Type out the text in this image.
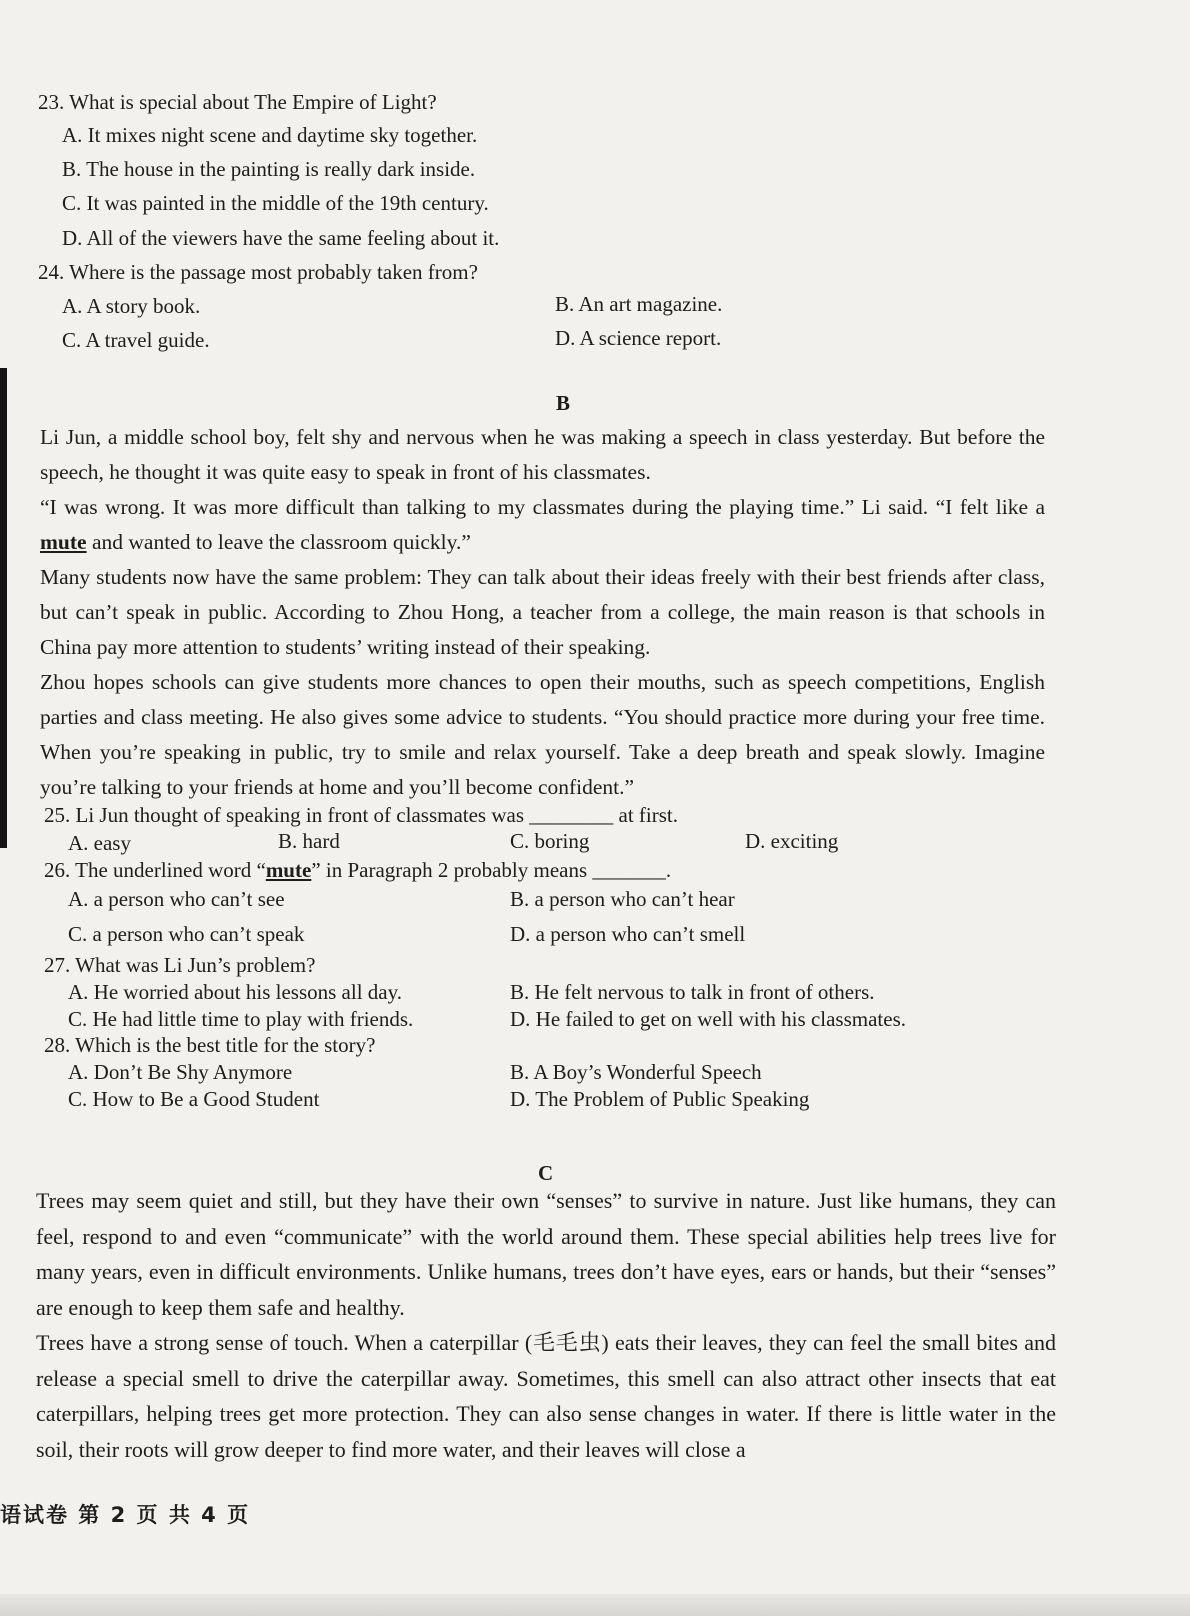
23. What is special about The Empire of Light?
A. It mixes night scene and daytime sky together.
B. The house in the painting is really dark inside.
C. It was painted in the middle of the 19th century.
D. All of the viewers have the same feeling about it.
24. Where is the passage most probably taken from?
A. A story book.	B. An art magazine.
C. A travel guide.	D. A science report.
B

Li Jun, a middle school boy, felt shy and nervous when he was making a speech in class yesterday. But before the speech, he thought it was quite easy to speak in front of his classmates.

“I was wrong. It was more difficult than talking to my classmates during the playing time.” Li said. “I felt like a mute and wanted to leave the classroom quickly.”

Many students now have the same problem: They can talk about their ideas freely with their best friends after class, but can’t speak in public. According to Zhou Hong, a teacher from a college, the main reason is that schools in China pay more attention to students’ writing instead of their speaking.

Zhou hopes schools can give students more chances to open their mouths, such as speech competitions, English parties and class meeting. He also gives some advice to students. “You should practice more during your free time. When you’re speaking in public, try to smile and relax yourself. Take a deep breath and speak slowly. Imagine you’re talking to your friends at home and you’ll become confident.”

25. Li Jun thought of speaking in front of classmates was ________ at first.
A. easy	B. hard	C. boring	D. exciting
26. The underlined word “mute” in Paragraph 2 probably means _______.
A. a person who can’t see	B. a person who can’t hear
C. a person who can’t speak	D. a person who can’t smell
27. What was Li Jun’s problem?
A. He worried about his lessons all day.	B. He felt nervous to talk in front of others.
C. He had little time to play with friends.	D. He failed to get on well with his classmates.
28. Which is the best title for the story?
A. Don’t Be Shy Anymore	B. A Boy’s Wonderful Speech
C. How to Be a Good Student	D. The Problem of Public Speaking
C

Trees may seem quiet and still, but they have their own “senses” to survive in nature. Just like humans, they can feel, respond to and even “communicate” with the world around them. These special abilities help trees live for many years, even in difficult environments. Unlike humans, trees don’t have eyes, ears or hands, but their “senses” are enough to keep them safe and healthy.

Trees have a strong sense of touch. When a caterpillar (毛毛虫) eats their leaves, they can feel the small bites and release a special smell to drive the caterpillar away. Sometimes, this smell can also attract other insects that eat caterpillars, helping trees get more protection. They can also sense changes in water. If there is little water in the soil, their roots will grow deeper to find more water, and their leaves will close a

语试卷 第 2 页 共 4 页
